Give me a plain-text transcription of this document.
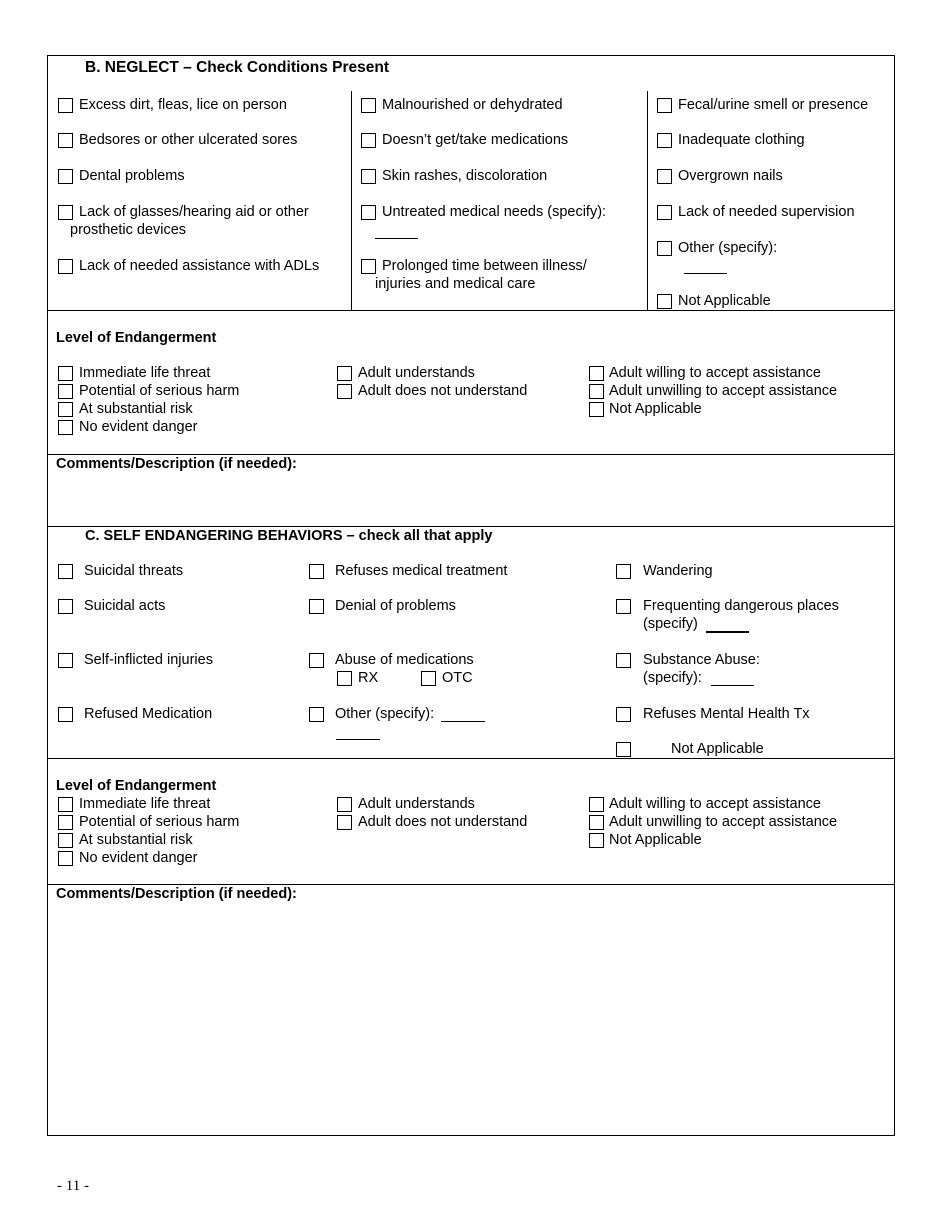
B. NEGLECT – Check Conditions Present
Excess dirt, fleas, lice on person
Bedsores or other ulcerated sores
Dental problems
Lack of glasses/hearing aid or other
prosthetic devices
Lack of needed assistance with ADLs
Malnourished or dehydrated
Doesn’t get/take medications
Skin rashes, discoloration
Untreated medical needs (specify):
Prolonged time between illness/
injuries and medical care
Fecal/urine smell or presence
Inadequate clothing
Overgrown nails
Lack of needed supervision
Other (specify):
Not Applicable
Level of Endangerment
Immediate life threat
Potential of serious harm
At substantial risk
No evident danger
Adult understands
Adult does not understand
Adult willing to accept assistance
Adult unwilling to accept assistance
Not Applicable
Comments/Description (if needed):
C. SELF ENDANGERING BEHAVIORS – check all that apply
Suicidal threats
Suicidal acts
Self-inflicted injuries
Refused Medication
Refuses medical treatment
Denial of problems
Abuse of medications
RX	OTC
Other (specify):
Wandering
Frequenting dangerous places
(specify)
Substance Abuse:
(specify):
Refuses Mental Health Tx
Not Applicable
Level of Endangerment
Immediate life threat
Potential of serious harm
At substantial risk
No evident danger
Adult understands
Adult does not understand
Adult willing to accept assistance
Adult unwilling to accept assistance
Not Applicable
Comments/Description (if needed):
- 11 -
